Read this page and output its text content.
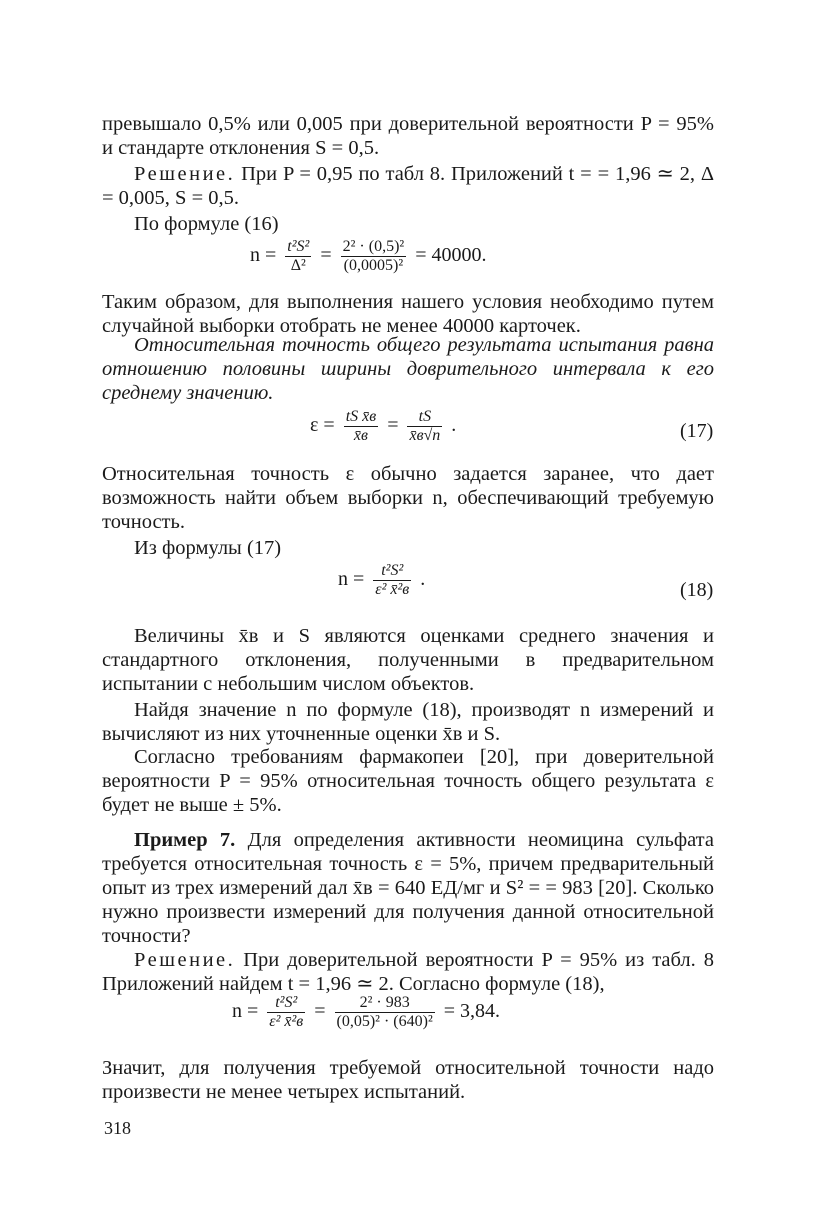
превышало 0,5% или 0,005 при доверительной вероятности P = 95% и стандарте отклонения S = 0,5.

Решение. При P = 0,95 по табл 8. Приложений t = = 1,96 ≃ 2, Δ = 0,005, S = 0,5.

По формуле (16)

$n = \frac{\text{t²S²}}{\text{Δ²}} = \frac{\text{2² · (0,5)²}}{\text{(0,0005)²}} = 40000$.

Таким образом, для выполнения нашего условия необходимо путем случайной выборки отобрать не менее 40000 карточек.

Относительная точность общего результата испытания равна отношению половины ширины доврительного интервала к его среднему значению.

$\varepsilon = \frac{\text{tS x̄в}}{x̄в} = \frac{tS}{x̄в√n}$ .	(17)

Относительная точность ε обычно задается заранее, что дает возможность найти объем выборки n, обеспечивающий требуемую точность.

Из формулы (17)

$n = \frac{\text{t²S²}}{\text{ε² x̄²в}}$ .	(18)

Величины x̄в и S являются оценками среднего значения и стандартного отклонения, полученными в предварительном испытании с небольшим числом объектов.

Найдя значение n по формуле (18), производят n измерений и вычисляют из них уточненные оценки x̄в и S.

Согласно требованиям фармакопеи [20], при доверительной вероятности P = 95% относительная точность общего результата ε будет не выше ± 5%.

Пример 7. Для определения активности неомицина сульфата требуется относительная точность ε = 5%, причем предварительный опыт из трех измерений дал x̄в = 640 ЕД/мг и S² = = 983 [20]. Сколько нужно произвести измерений для получения данной относительной точности?

Решение. При доверительной вероятности P = 95% из табл. 8 Приложений найдем t = 1,96 ≃ 2. Согласно формуле (18),

$n = \frac{\text{t²S²}}{\text{ε² x̄²в}} = \frac{\text{2² · 983}}{\text{(0,05)² · (640)²}} = 3,84$.

Значит, для получения требуемой относительной точности надо произвести не менее четырех испытаний.

318
